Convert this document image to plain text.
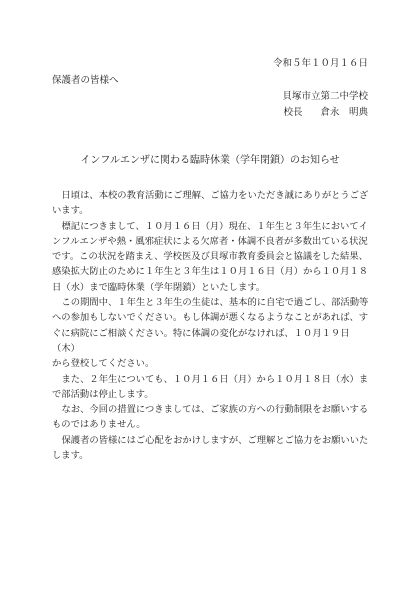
令和５年１０月１６日
保護者の皆様へ
貝塚市立第二中学校
校長 倉永　明典
インフルエンザに関わる臨時休業（学年閉鎖）のお知らせ

日頃は、本校の教育活動にご理解、ご協力をいただき誠にありがとうござ
います。

標記につきまして、１０月１６日（月）現在、１年生と３年生においてイ
ンフルエンザや熱・風邪症状による欠席者・体調不良者が多数出ている状況
です。この状況を踏まえ、学校医及び貝塚市教育委員会と協議をした結果、
感染拡大防止のために１年生と３年生は１０月１６日（月）から１０月１８
日（水）まで臨時休業（学年閉鎖）といたします。

この期間中、１年生と３年生の生徒は、基本的に自宅で過ごし、部活動等
への参加もしないでください。もし体調が悪くなるようなことがあれば、す
ぐに病院にご相談ください。特に体調の変化がなければ、１０月１９日（木）
から登校してください。

また、２年生についても、１０月１６日（月）から１０月１８日（水）ま
で部活動は停止します。

なお、今回の措置につきましては、ご家族の方への行動制限をお願いする
ものではありません。

保護者の皆様にはご心配をおかけしますが、ご理解とご協力をお願いいた
します。
